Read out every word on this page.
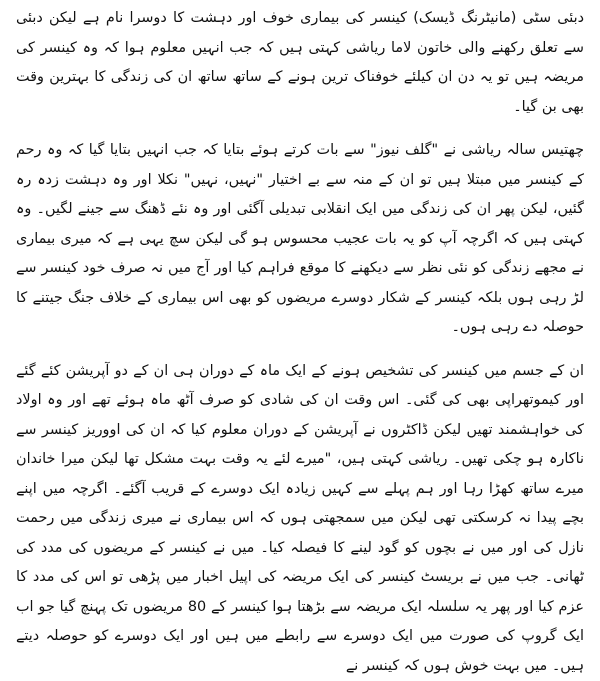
دبئی سٹی (مانیٹرنگ ڈیسک) کینسر کی بیماری خوف اور دہشت کا دوسرا نام ہے لیکن دبئی سے تعلق رکھنے والی خاتون لاما ریاشی کہتی ہیں کہ جب انہیں معلوم ہوا کہ وہ کینسر کی مریضہ ہیں تو یہ دن ان کیلئے خوفناک ترین ہونے کے ساتھ ساتھ ان کی زندگی کا بہترین وقت بھی بن گیا۔

چھتیس سالہ ریاشی نے "گلف نیوز" سے بات کرتے ہوئے بتایا کہ جب انہیں بتایا گیا کہ وہ رحم کے کینسر میں مبتلا ہیں تو ان کے منہ سے بے اختیار "نہیں، نہیں" نکلا اور وہ دہشت زدہ رہ گئیں، لیکن پھر ان کی زندگی میں ایک انقلابی تبدیلی آگئی اور وہ نئے ڈھنگ سے جینے لگیں۔ وہ کہتی ہیں کہ اگرچہ آپ کو یہ بات عجیب محسوس ہو گی لیکن سچ یہی ہے کہ میری بیماری نے مجھے زندگی کو نئی نظر سے دیکھنے کا موقع فراہم کیا اور آج میں نہ صرف خود کینسر سے لڑ رہی ہوں بلکہ کینسر کے شکار دوسرے مریضوں کو بھی اس بیماری کے خلاف جنگ جیتنے کا حوصلہ دے رہی ہوں۔

ان کے جسم میں کینسر کی تشخیص ہونے کے ایک ماہ کے دوران ہی ان کے دو آپریشن کئے گئے اور کیموتھراپی بھی کی گئی۔ اس وقت ان کی شادی کو صرف آٹھ ماہ ہوئے تھے اور وہ اولاد کی خواہشمند تھیں لیکن ڈاکٹروں نے آپریشن کے دوران معلوم کیا کہ ان کی اووریز کینسر سے ناکارہ ہو چکی تھیں۔ ریاشی کہتی ہیں، "میرے لئے یہ وقت بہت مشکل تھا لیکن میرا خاندان میرے ساتھ کھڑا رہا اور ہم پہلے سے کہیں زیادہ ایک دوسرے کے قریب آگئے۔ اگرچہ میں اپنے بچے پیدا نہ کرسکتی تھی لیکن میں سمجھتی ہوں کہ اس بیماری نے میری زندگی میں رحمت نازل کی اور میں نے بچوں کو گود لینے کا فیصلہ کیا۔ میں نے کینسر کے مریضوں کی مدد کی ٹھانی۔ جب میں نے بریسٹ کینسر کی ایک مریضہ کی اپیل اخبار میں پڑھی تو اس کی مدد کا عزم کیا اور پھر یہ سلسلہ ایک مریضہ سے بڑھتا ہوا کینسر کے 80 مریضوں تک پہنچ گیا جو اب ایک گروپ کی صورت میں ایک دوسرے سے رابطے میں ہیں اور ایک دوسرے کو حوصلہ دیتے ہیں۔ میں بہت خوش ہوں کہ کینسر نے
